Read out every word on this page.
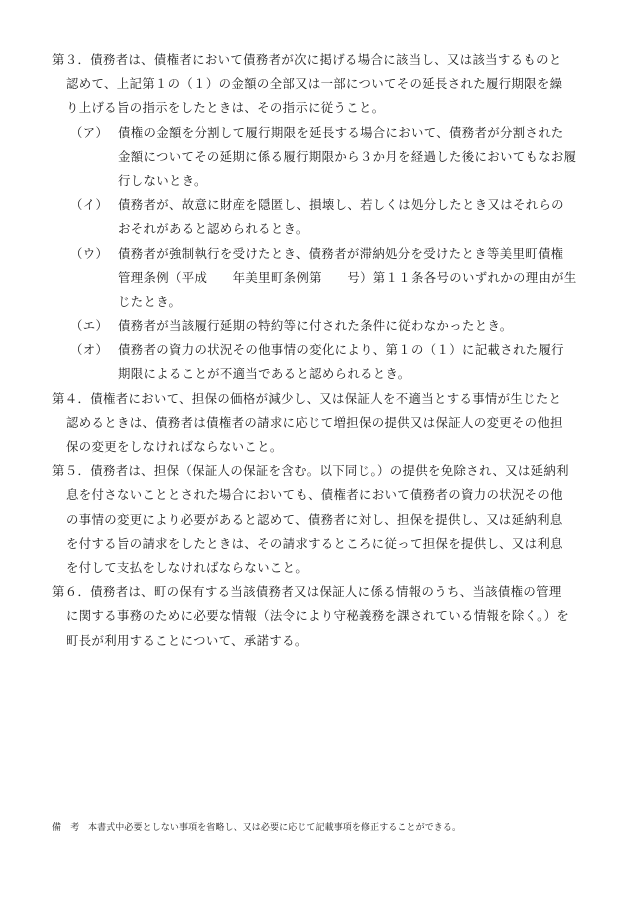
第３．債務者は、債権者において債務者が次に掲げる場合に該当し、又は該当するものと
認めて、上記第１の（１）の金額の全部又は一部についてその延長された履行期限を繰
り上げる旨の指示をしたときは、その指示に従うこと。
（ア） 債権の金額を分割して履行期限を延長する場合において、債務者が分割された
金額についてその延期に係る履行期限から３か月を経過した後においてもなお履
行しないとき。
（イ） 債務者が、故意に財産を隠匿し、損壊し、若しくは処分したとき又はそれらの
おそれがあると認められるとき。
（ウ） 債務者が強制執行を受けたとき、債務者が滞納処分を受けたとき等美里町債権
管理条例（平成　　年美里町条例第　　号）第１１条各号のいずれかの理由が生
じたとき。
（エ） 債務者が当該履行延期の特約等に付された条件に従わなかったとき。
（オ） 債務者の資力の状況その他事情の変化により、第１の（１）に記載された履行
期限によることが不適当であると認められるとき。
第４．債権者において、担保の価格が減少し、又は保証人を不適当とする事情が生じたと
認めるときは、債務者は債権者の請求に応じて増担保の提供又は保証人の変更その他担
保の変更をしなければならないこと。
第５．債務者は、担保（保証人の保証を含む。以下同じ。）の提供を免除され、又は延納利
息を付さないこととされた場合においても、債権者において債務者の資力の状況その他
の事情の変更により必要があると認めて、債務者に対し、担保を提供し、又は延納利息
を付する旨の請求をしたときは、その請求するところに従って担保を提供し、又は利息
を付して支払をしなければならないこと。
第６．債務者は、町の保有する当該債務者又は保証人に係る情報のうち、当該債権の管理
に関する事務のために必要な情報（法令により守秘義務を課されている情報を除く。）を
町長が利用することについて、承諾する。
備　考 本書式中必要としない事項を省略し、又は必要に応じて記載事項を修正することができる。
